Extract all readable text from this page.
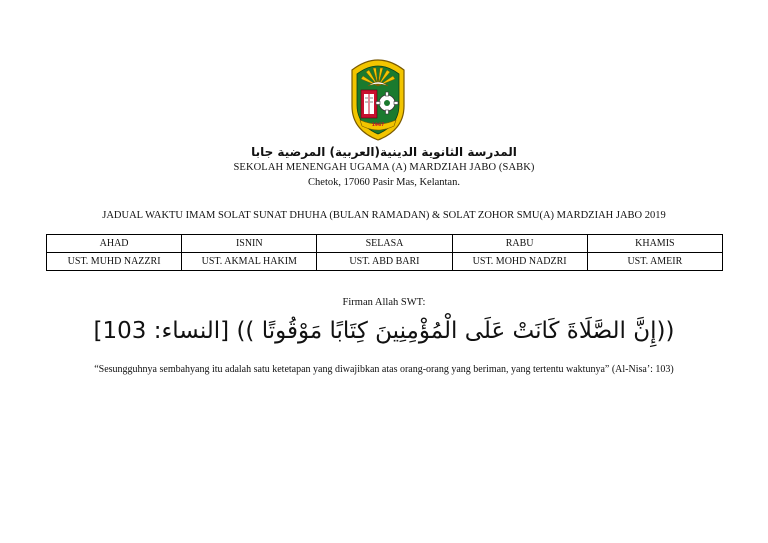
1967
المدرسة الثانوية الدينية(العربية) المرضية جابا
SEKOLAH MENENGAH UGAMA (A) MARDZIAH JABO (SABK)
Chetok, 17060 Pasir Mas, Kelantan.
JADUAL WAKTU IMAM SOLAT SUNAT DHUHA (BULAN RAMADAN) & SOLAT ZOHOR SMU(A) MARDZIAH JABO 2019
AHAD	ISNIN	SELASA	RABU	KHAMIS
UST. MUHD NAZZRI	UST. AKMAL HAKIM	UST. ABD BARI	UST. MOHD NADZRI	UST. AMEIR
Firman Allah SWT:
((إِنَّ الصَّلَاةَ كَانَتْ عَلَى الْمُؤْمِنِينَ كِتَابًا مَوْقُوتًا )) [النساء: 103]
“Sesungguhnya sembahyang itu adalah satu ketetapan yang diwajibkan atas orang-orang yang beriman, yang tertentu waktunya” (Al-Nisa’: 103)
